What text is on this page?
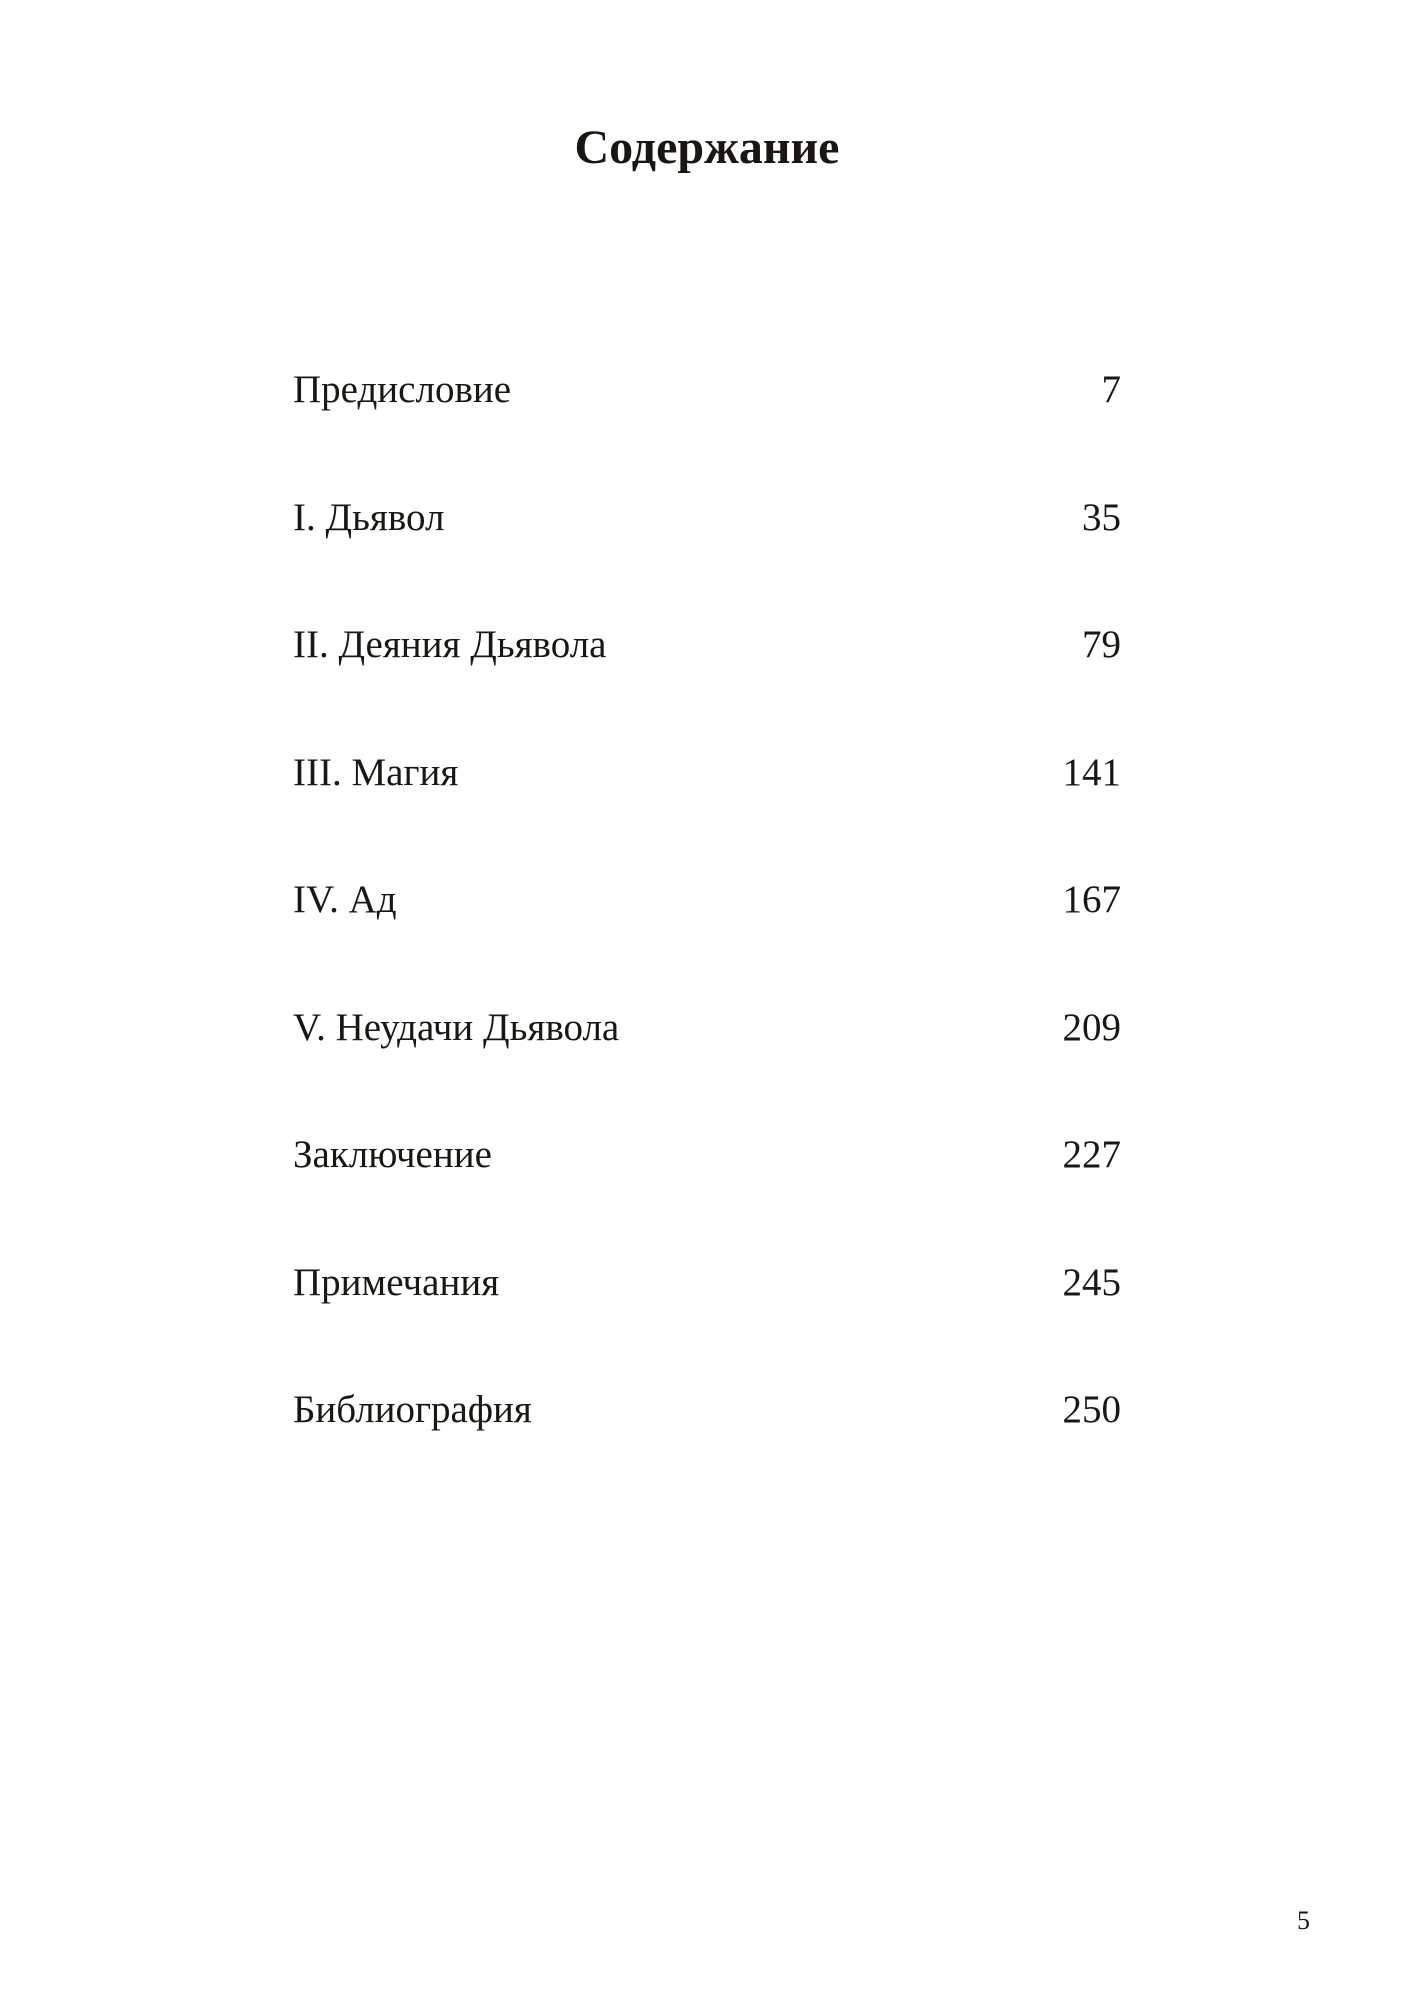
Содержание
Предисловие	7
I. Дьявол	35
II. Деяния Дьявола	79
III. Магия	141
IV. Ад	167
V. Неудачи Дьявола	209
Заключение	227
Примечания	245
Библиография	250
5
